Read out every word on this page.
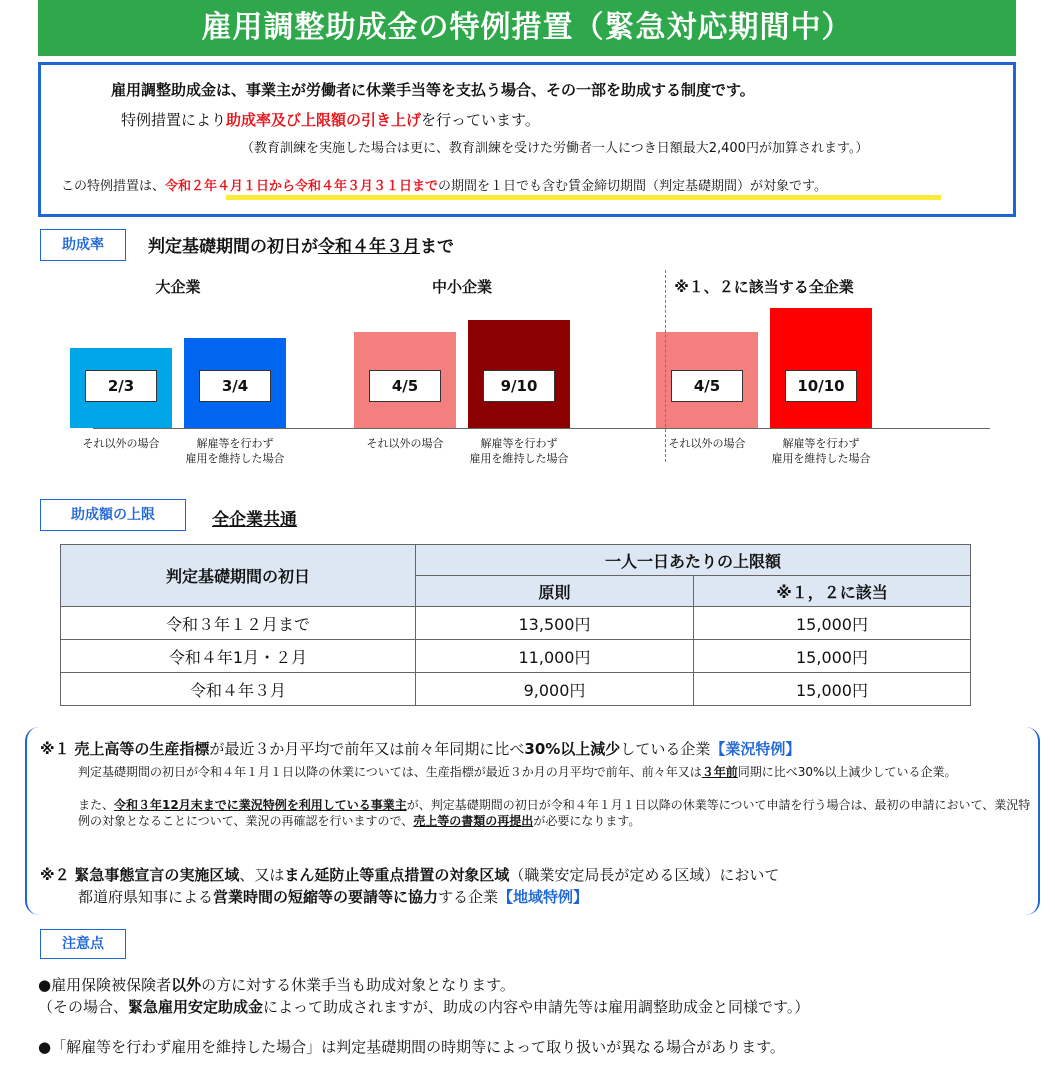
雇用調整助成金の特例措置（緊急対応期間中）
雇用調整助成金は、事業主が労働者に休業手当等を支払う場合、その一部を助成する制度です。
特例措置により助成率及び上限額の引き上げを行っています。
（教育訓練を実施した場合は更に、教育訓練を受けた労働者一人につき日額最大2,400円が加算されます。）
この特例措置は、令和２年４月１日から令和４年３月３１日までの期間を１日でも含む賃金締切期間（判定基礎期間）が対象です。
助成率	判定基礎期間の初日が令和４年３月まで
大企業
2/3
それ以外の場合
3/4
解雇等を行わず
雇用を維持した場合
中小企業
4/5
それ以外の場合
9/10
解雇等を行わず
雇用を維持した場合
※１、２に該当する全企業
4/5
それ以外の場合
10/10
解雇等を行わず
雇用を維持した場合
助成額の上限	全企業共通
判定基礎期間の初日	一人一日あたりの上限額	
	原則	※１，２に該当
令和３年１２月まで	13,500円	15,000円
令和４年1月・２月	11,000円	15,000円
令和４年３月	9,000円	15,000円
※１ 売上高等の生産指標が最近３か月平均で前年又は前々年同期に比べ30%以上減少している企業【業況特例】
判定基礎期間の初日が令和４年１月１日以降の休業については、生産指標が最近３か月の月平均で前年、前々年又は３年前同期に比べ30%以上減少している企業。
また、令和３年12月末までに業況特例を利用している事業主が、判定基礎期間の初日が令和４年１月１日以降の休業等について申請を行う場合は、最初の申請において、業況特例の対象となることについて、業況の再確認を行いますので、売上等の書類の再提出が必要になります。
※２ 緊急事態宣言の実施区域、又はまん延防止等重点措置の対象区域（職業安定局長が定める区域）において
都道府県知事による営業時間の短縮等の要請等に協力する企業【地域特例】
注意点
●雇用保険被保険者以外の方に対する休業手当も助成対象となります。
（その場合、緊急雇用安定助成金によって助成されますが、助成の内容や申請先等は雇用調整助成金と同様です。）
●「解雇等を行わず雇用を維持した場合」は判定基礎期間の時期等によって取り扱いが異なる場合があります。
